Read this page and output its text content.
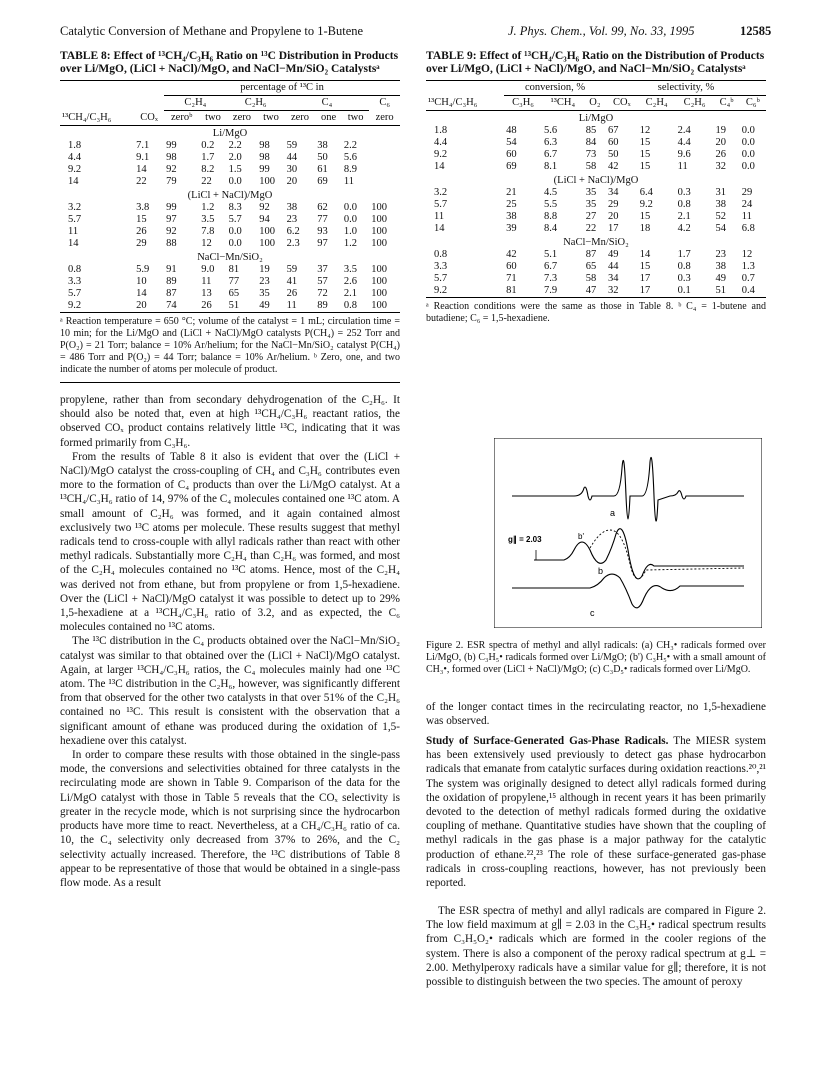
Catalytic Conversion of Methane and Propylene to 1-Butene	J. Phys. Chem., Vol. 99, No. 33, 1995	12585
TABLE 8: Effect of ¹³CH₄/C₃H₆ Ratio on ¹³C Distribution in Products over Li/MgO, (LiCl + NaCl)/MgO, and NaCl−Mn/SiO₂ Catalystsᵃ
		percentage of ¹³C in							
		C₂H₄		C₂H₆		C₄			C₆
¹³CH₄/C₃H₆	COₓ	zeroᵇ	two	zero	two	zero	one	two	zero
Li/MgO									
1.8	7.1	99	0.2	2.2	98	59	38	2.2	
4.4	9.1	98	1.7	2.0	98	44	50	5.6	
9.2	14	92	8.2	1.5	99	30	61	8.9	
14	22	79	22	0.0	100	20	69	11	
(LiCl + NaCl)/MgO									
3.2	3.8	99	1.2	8.3	92	38	62	0.0	100
5.7	15	97	3.5	5.7	94	23	77	0.0	100
11	26	92	7.8	0.0	100	6.2	93	1.0	100
14	29	88	12	0.0	100	2.3	97	1.2	100
NaCl−Mn/SiO₂									
0.8	5.9	91	9.0	81	19	59	37	3.5	100
3.3	10	89	11	77	23	41	57	2.6	100
5.7	14	87	13	65	35	26	72	2.1	100
9.2	20	74	26	51	49	11	89	0.8	100
ᵃ Reaction temperature = 650 °C; volume of the catalyst = 1 mL; circulation time = 10 min; for the Li/MgO and (LiCl + NaCl)/MgO catalysts P(CH₄) = 252 Torr and P(O₂) = 21 Torr; balance = 10% Ar/helium; for the NaCl−Mn/SiO₂ catalyst P(CH₄) = 486 Torr and P(O₂) = 44 Torr; balance = 10% Ar/helium. ᵇ Zero, one, and two indicate the number of atoms per molecule of product.

propylene, rather than from secondary dehydrogenation of the C₂H₆. It should also be noted that, even at high ¹³CH₄/C₃H₆ reactant ratios, the observed COₓ product contains relatively little ¹³C, indicating that it was formed primarily from C₃H₆.

From the results of Table 8 it also is evident that over the (LiCl + NaCl)/MgO catalyst the cross-coupling of CH₄ and C₃H₆ contributes even more to the formation of C₄ products than over the Li/MgO catalyst. At a ¹³CH₄/C₃H₆ ratio of 14, 97% of the C₄ molecules contained one ¹³C atom. A small amount of C₂H₆ was formed, and it again contained almost exclusively two ¹³C atoms per molecule. These results suggest that methyl radicals tend to cross-couple with allyl radicals rather than react with other methyl radicals. Substantially more C₂H₄ than C₂H₆ was formed, and most of the C₂H₄ molecules contained no ¹³C atoms. Hence, most of the C₂H₄ was derived not from ethane, but from propylene or from 1,5-hexadiene. Over the (LiCl + NaCl)/MgO catalyst it was possible to detect up to 29% 1,5-hexadiene at a ¹³CH₄/C₃H₆ ratio of 3.2, and as expected, the C₆ molecules contained no ¹³C atoms.

The ¹³C distribution in the C₄ products obtained over the NaCl−Mn/SiO₂ catalyst was similar to that obtained over the (LiCl + NaCl)/MgO catalyst. Again, at larger ¹³CH₄/C₃H₆ ratios, the C₄ molecules mainly had one ¹³C atom. The ¹³C distribution in the C₂H₆, however, was significantly different from that observed for the other two catalysts in that over 51% of the C₂H₆ contained no ¹³C. This result is consistent with the observation that a significant amount of ethane was produced during the oxidation of 1,5-hexadiene over this catalyst.

In order to compare these results with those obtained in the single-pass mode, the conversions and selectivities obtained for three catalysts in the recirculating mode are shown in Table 9. Comparison of the data for the Li/MgO catalyst with those in Table 5 reveals that the COₓ selectivity is greater in the recycle mode, which is not surprising since the hydrocarbon products have more time to react. Nevertheless, at a CH₄/C₃H₆ ratio of ca. 10, the C₄ selectivity only decreased from 37% to 26%, and the C₂ selectivity actually increased. Therefore, the ¹³C distributions of Table 8 appear to be representative of those that would be obtained in a single-pass flow mode. As a result

TABLE 9: Effect of ¹³CH₄/C₃H₆ Ratio on the Distribution of Products over Li/MgO, (LiCl + NaCl)/MgO, and NaCl−Mn/SiO₂ Catalystsᵃ
	conversion, %			selectivity, %				
¹³CH₄/C₃H₆	C₃H₆	¹³CH₄	O₂	COₓ	C₂H₄	C₂H₆	C₄ᵇ	C₆ᵇ
Li/MgO								
1.8	48	5.6	85	67	12	2.4	19	0.0
4.4	54	6.3	84	60	15	4.4	20	0.0
9.2	60	6.7	73	50	15	9.6	26	0.0
14	69	8.1	58	42	15	11	32	0.0
(LiCl + NaCl)/MgO								
3.2	21	4.5	35	34	6.4	0.3	31	29
5.7	25	5.5	35	29	9.2	0.8	38	24
11	38	8.8	27	20	15	2.1	52	11
14	39	8.4	22	17	18	4.2	54	6.8
NaCl−Mn/SiO₂								
0.8	42	5.1	87	49	14	1.7	23	12
3.3	60	6.7	65	44	15	0.8	38	1.3
5.7	71	7.3	58	34	17	0.3	49	0.7
9.2	81	7.9	47	32	17	0.1	51	0.4
ᵃ Reaction conditions were the same as those in Table 8. ᵇ C₄ = 1-butene and butadiene; C₆ = 1,5-hexadiene.
a
g∥ = 2.03	b'
b
c
Figure 2. ESR spectra of methyl and allyl radicals: (a) CH₃• radicals formed over Li/MgO, (b) C₃H₅• radicals formed over Li/MgO; (b') C₃H₅• with a small amount of CH₃•, formed over (LiCl + NaCl)/MgO; (c) C₃D₅• radicals formed over Li/MgO.
of the longer contact times in the recirculating reactor, no 1,5-hexadiene was observed.
Study of Surface-Generated Gas-Phase Radicals. The MIESR system has been extensively used previously to detect gas phase hydrocarbon radicals that emanate from catalytic surfaces during oxidation reactions.²⁰,²¹ The system was originally designed to detect allyl radicals formed during the oxidation of propylene,¹⁵ although in recent years it has been primarily devoted to the detection of methyl radicals formed during the oxidative coupling of methane. Quantitative studies have shown that the coupling of methyl radicals in the gas phase is a major pathway for the catalytic production of ethane.²²,²³ The role of these surface-generated gas-phase radicals in cross-coupling reactions, however, has not previously been reported.
The ESR spectra of methyl and allyl radicals are compared in Figure 2. The low field maximum at g∥ = 2.03 in the C₃H₅• radical spectrum results from C₃H₅O₂• radicals which are formed in the cooler regions of the system. There is also a component of the peroxy radical spectrum at g⊥ = 2.00. Methylperoxy radicals have a similar value for g∥; therefore, it is not possible to distinguish between the two species. The amount of peroxy
